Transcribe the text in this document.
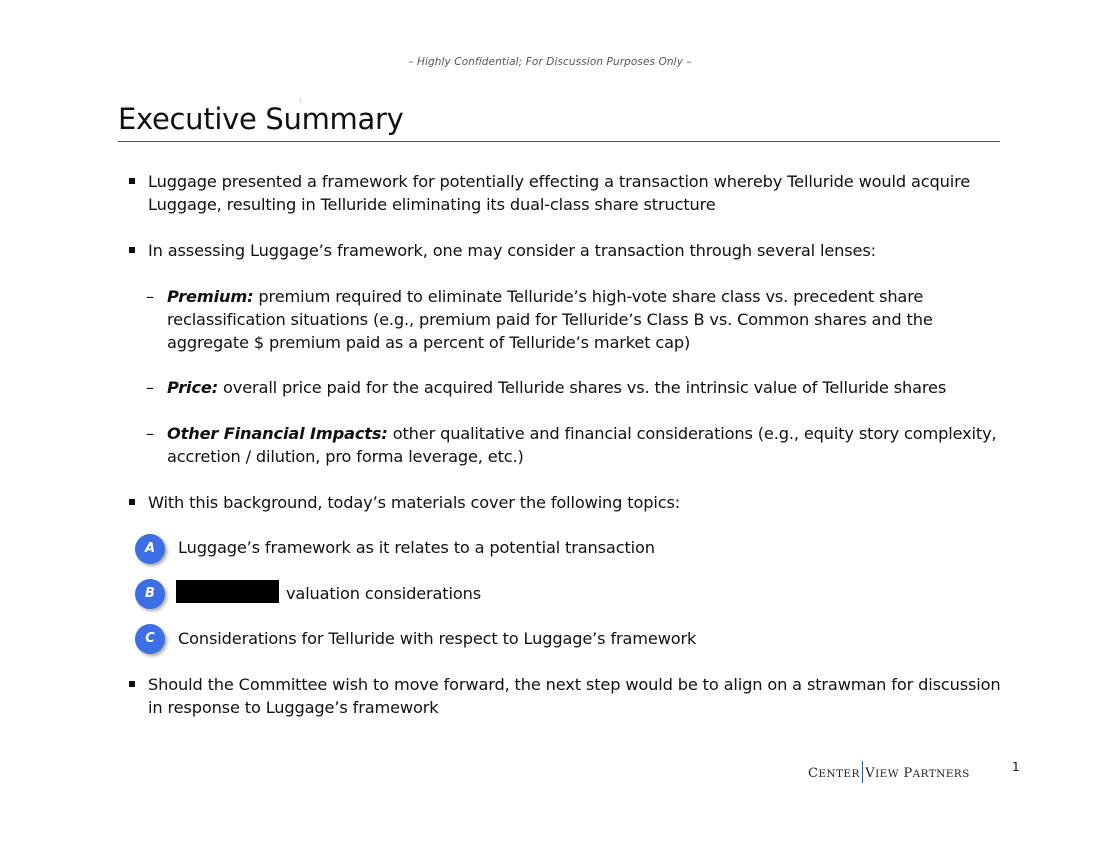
– Highly Confidential; For Discussion Purposes Only –
Executive Summary
Luggage presented a framework for potentially effecting a transaction whereby Telluride would acquire Luggage, resulting in Telluride eliminating its dual-class share structure
In assessing Luggage’s framework, one may consider a transaction through several lenses:
– Premium: premium required to eliminate Telluride’s high-vote share class vs. precedent share reclassification situations (e.g., premium paid for Telluride’s Class B vs. Common shares and the aggregate $ premium paid as a percent of Telluride’s market cap)
– Price: overall price paid for the acquired Telluride shares vs. the intrinsic value of Telluride shares
– Other Financial Impacts: other qualitative and financial considerations (e.g., equity story complexity, accretion / dilution, pro forma leverage, etc.)
With this background, today’s materials cover the following topics:
A	Luggage’s framework as it relates to a potential transaction
B	valuation considerations
C	Considerations for Telluride with respect to Luggage’s framework
Should the Committee wish to move forward, the next step would be to align on a strawman for discussion in response to Luggage’s framework
CENTER VIEW PARTNERS	1
